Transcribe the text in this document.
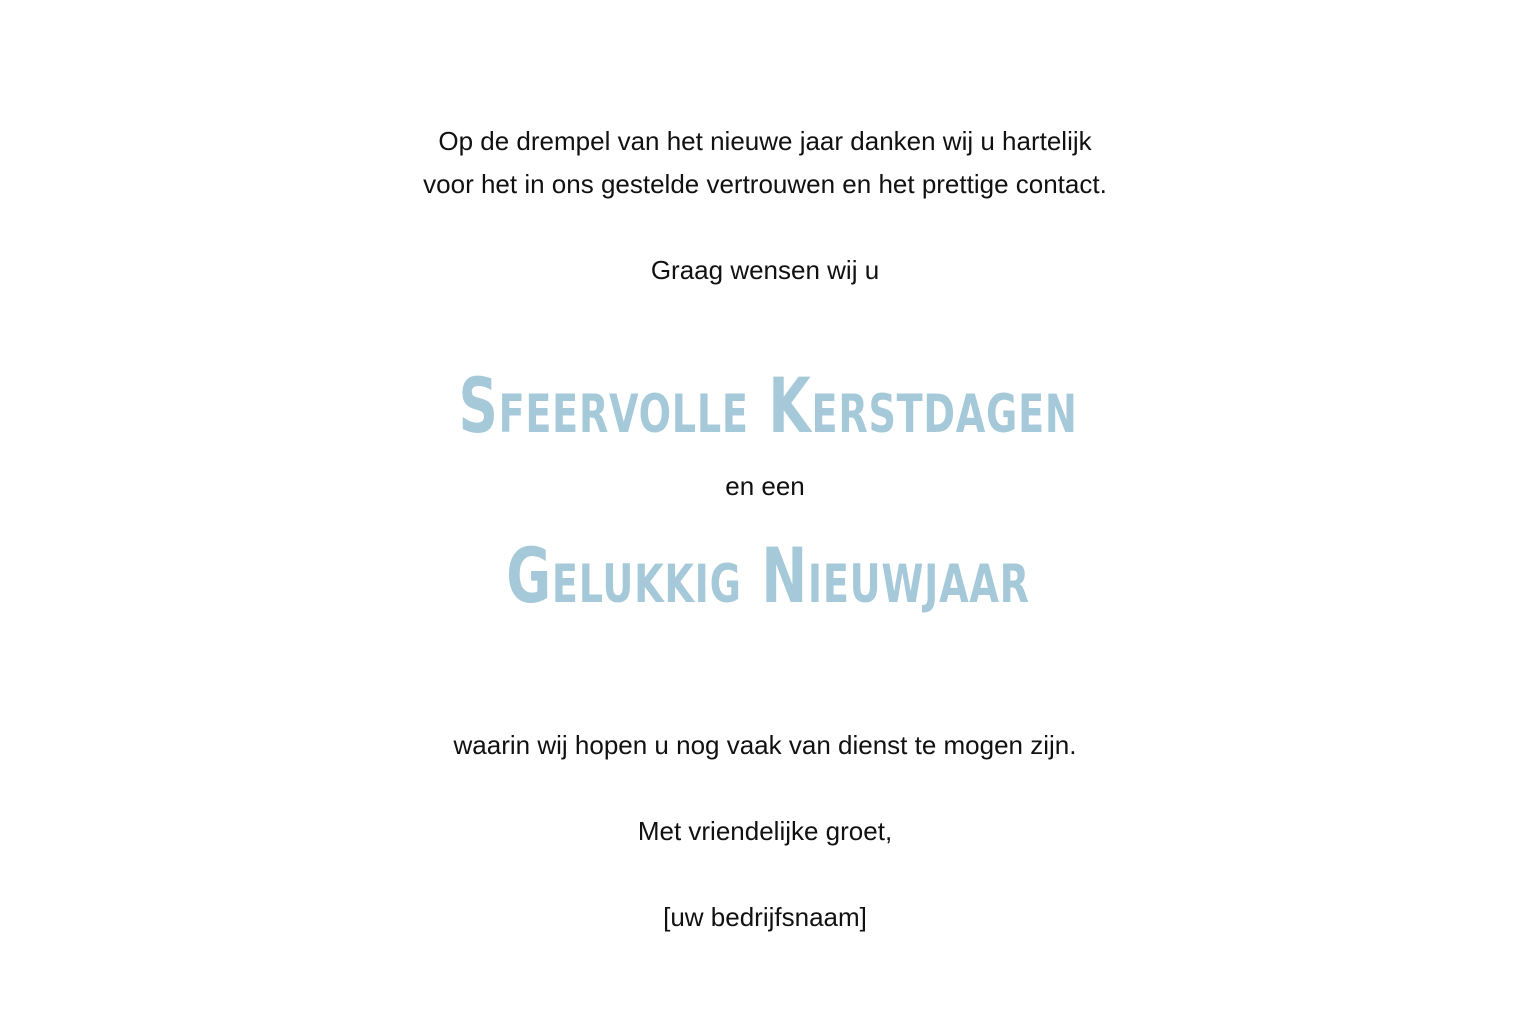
Op de drempel van het nieuwe jaar danken wij u hartelijk
voor het in ons gestelde vertrouwen en het prettige contact.
Graag wensen wij u
Sfeervolle Kerstdagen
en een
Gelukkig Nieuwjaar
waarin wij hopen u nog vaak van dienst te mogen zijn.
Met vriendelijke groet,
[uw bedrijfsnaam]
